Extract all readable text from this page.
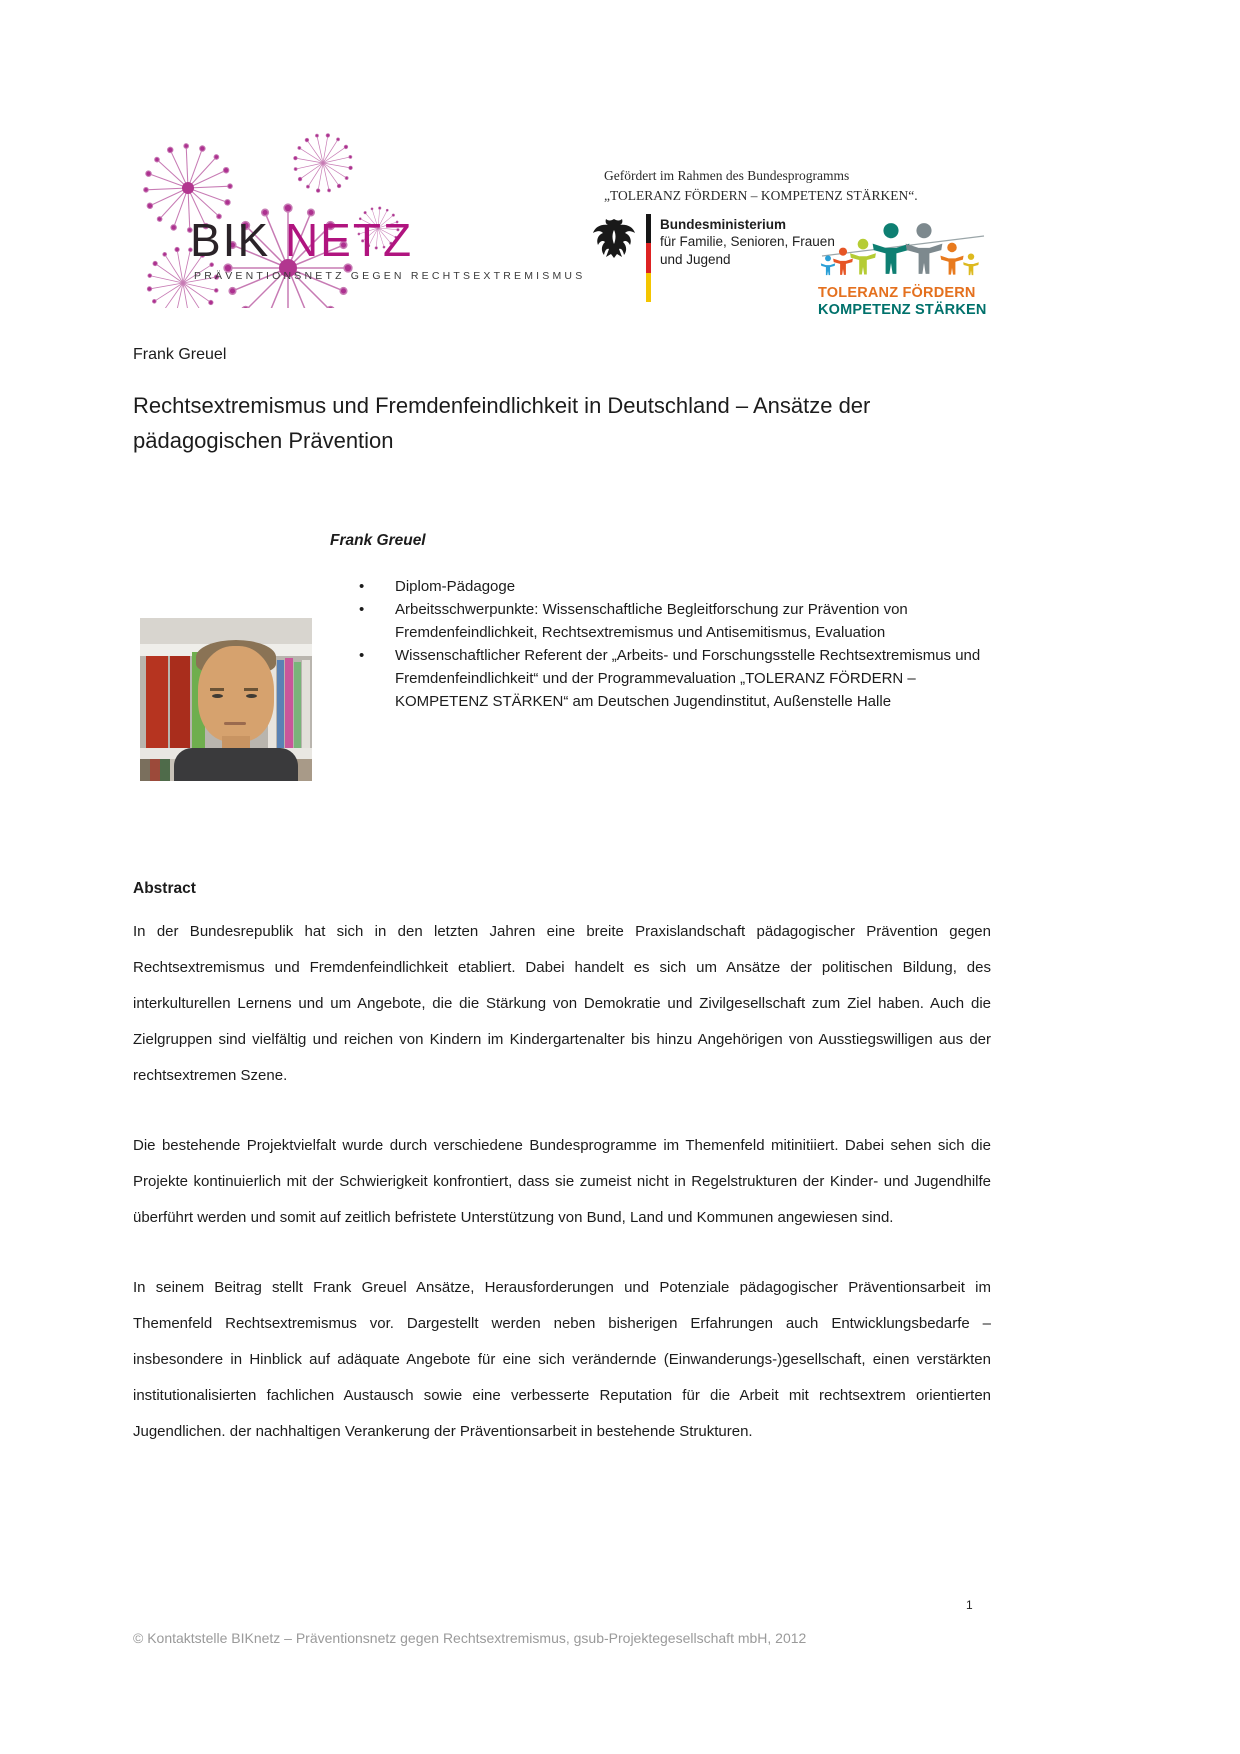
BIK NETZ
PRÄVENTIONSNETZ GEGEN RECHTSEXTREMISMUS
Gefördert im Rahmen des Bundesprogramms
„TOLERANZ FÖRDERN – KOMPETENZ STÄRKEN“.
Bundesministerium
für Familie, Senioren, Frauen
und Jugend
TOLERANZ FÖRDERN
KOMPETENZ STÄRKEN
Frank Greuel
Rechtsextremismus und Fremdenfeindlichkeit in Deutschland – Ansätze der pädagogischen Prävention
Frank Greuel
• Diplom-Pädagoge
• Arbeitsschwerpunkte: Wissenschaftliche Begleitforschung zur Prävention von Fremdenfeindlichkeit, Rechtsextremismus und Antisemitismus, Evaluation
• Wissenschaftlicher Referent der „Arbeits- und Forschungsstelle Rechtsextremismus und Fremdenfeindlichkeit“ und der Programmevaluation „TOLERANZ FÖRDERN – KOMPETENZ STÄRKEN“ am Deutschen Jugendinstitut, Außenstelle Halle
Abstract

In der Bundesrepublik hat sich in den letzten Jahren eine breite Praxislandschaft pädagogischer Prävention gegen Rechtsextremismus und Fremdenfeindlichkeit etabliert. Dabei handelt es sich um Ansätze der politischen Bildung, des interkulturellen Lernens und um Angebote, die die Stärkung von Demokratie und Zivilgesellschaft zum Ziel haben. Auch die Zielgruppen sind vielfältig und reichen von Kindern im Kindergartenalter bis hinzu Angehörigen von Ausstiegswilligen aus der rechtsextremen Szene.

Die bestehende Projektvielfalt wurde durch verschiedene Bundesprogramme im Themenfeld mitinitiiert. Dabei sehen sich die Projekte kontinuierlich mit der Schwierigkeit konfrontiert, dass sie zumeist nicht in Regelstrukturen der Kinder- und Jugendhilfe überführt werden und somit auf zeitlich befristete Unterstützung von Bund, Land und Kommunen angewiesen sind.

In seinem Beitrag stellt Frank Greuel Ansätze, Herausforderungen und Potenziale pädagogischer Präventionsarbeit im Themenfeld Rechtsextremismus vor. Dargestellt werden neben bisherigen Erfahrungen auch Entwicklungsbedarfe – insbesondere in Hinblick auf adäquate Angebote für eine sich verändernde (Einwanderungs-)gesellschaft, einen verstärkten institutionalisierten fachlichen Austausch sowie eine verbesserte Reputation für die Arbeit mit rechtsextrem orientierten Jugendlichen. der nachhaltigen Verankerung der Präventionsarbeit in bestehende Strukturen.

1
© Kontaktstelle BIKnetz – Präventionsnetz gegen Rechtsextremismus, gsub-Projektegesellschaft mbH, 2012
